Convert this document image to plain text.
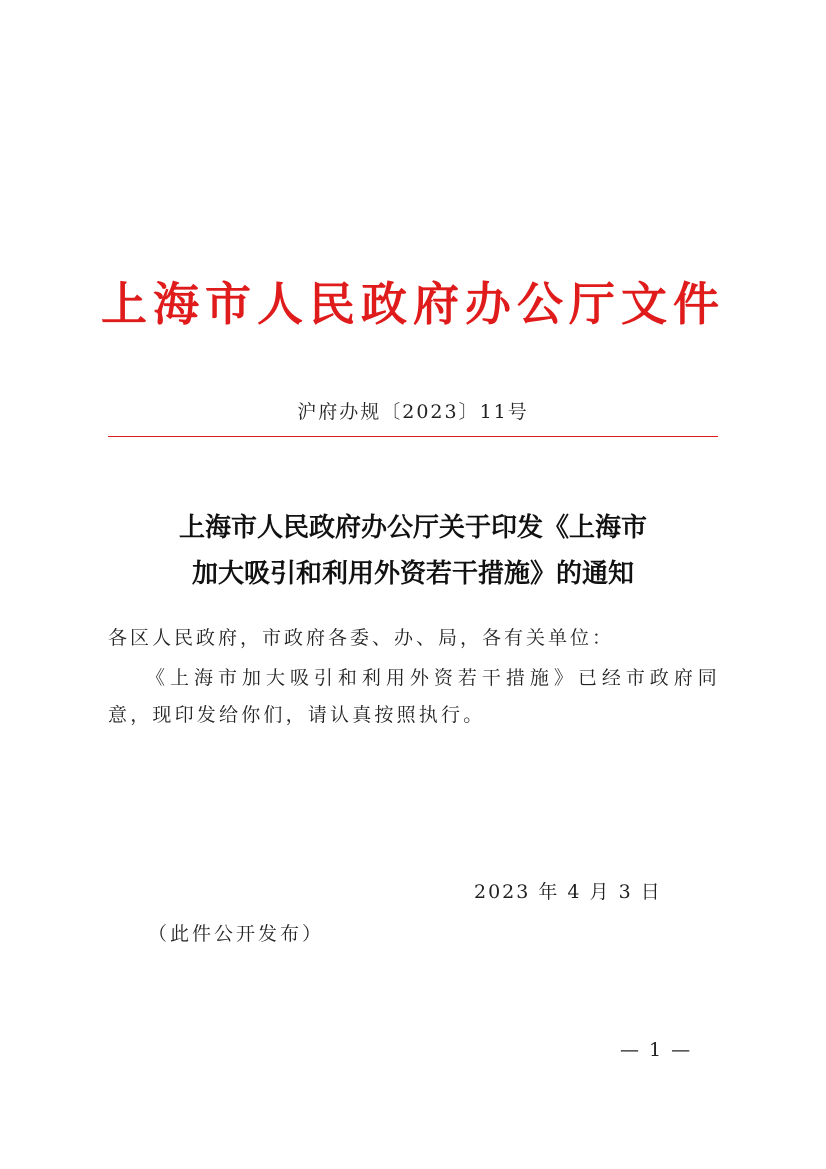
上海市人民政府办公厅文件
沪府办规〔2023〕11号
上海市人民政府办公厅关于印发《上海市
加大吸引和利用外资若干措施》的通知
各区人民政府，市政府各委、办、局，各有关单位：
《上海市加大吸引和利用外资若干措施》已经市政府同意，现印发给你们，请认真按照执行。
2023 年 4 月 3 日
（此件公开发布）
— 1 —
